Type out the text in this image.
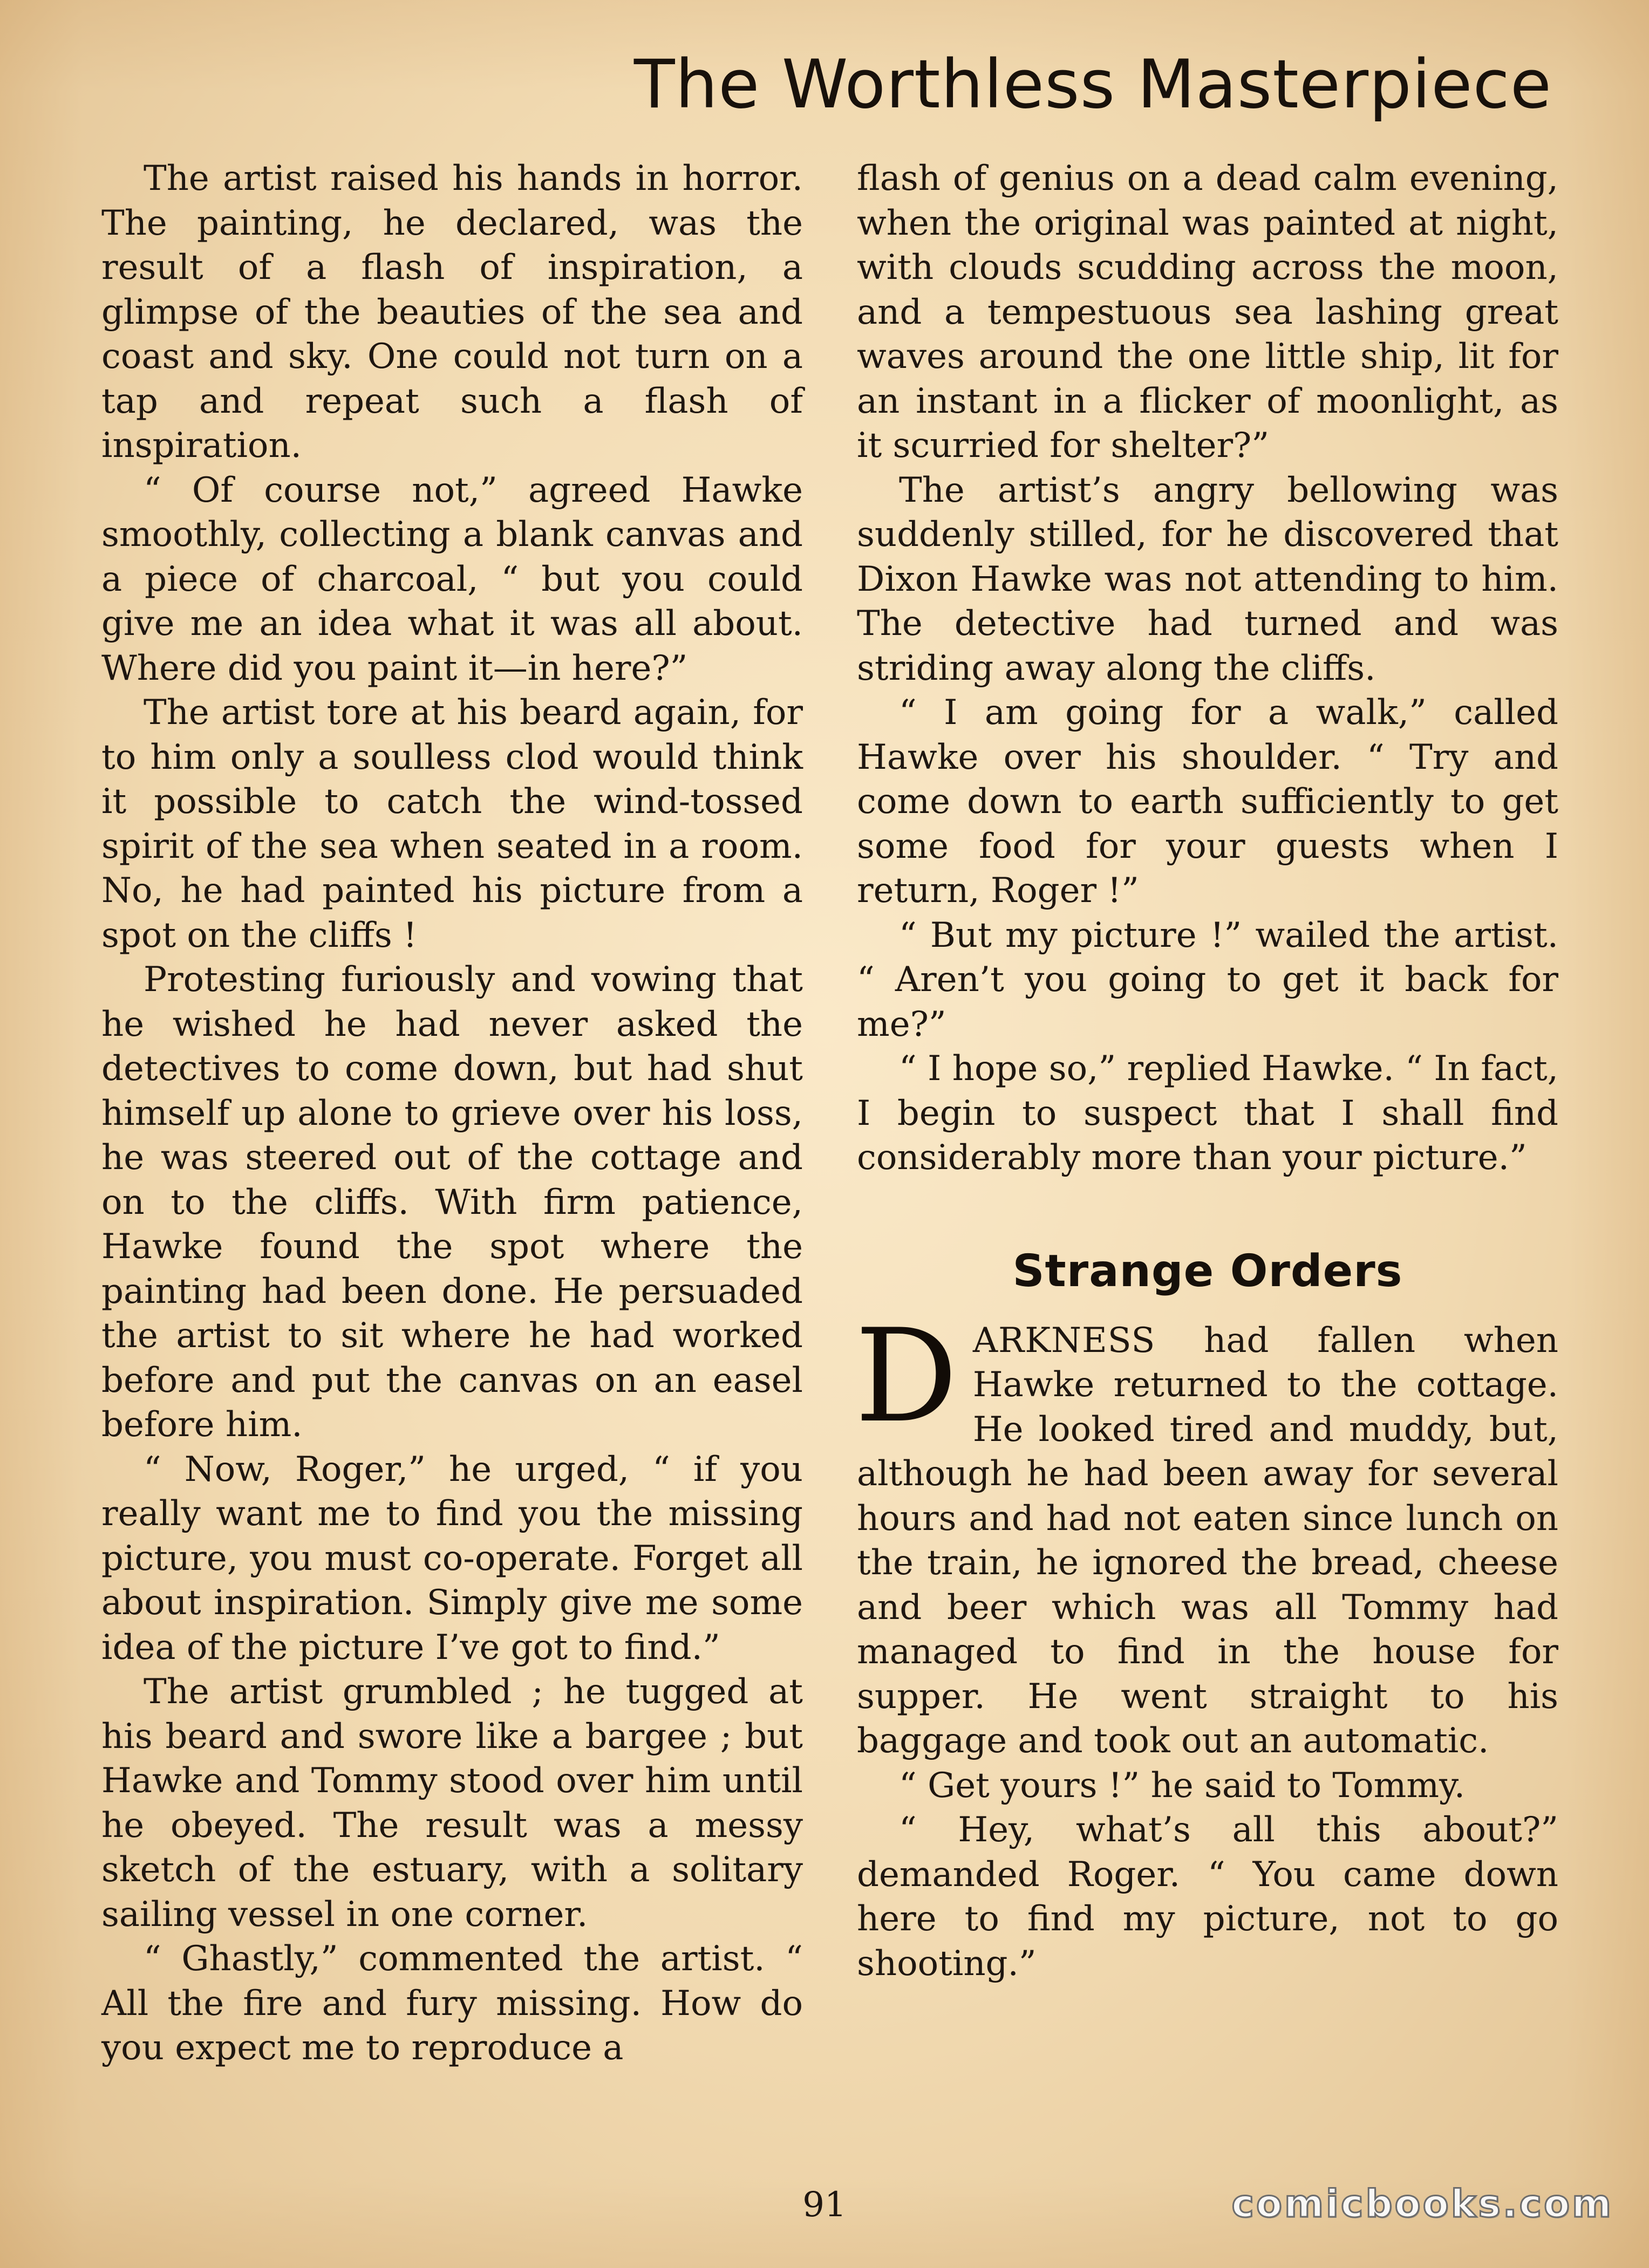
The Worthless Masterpiece

The artist raised his hands in horror. The painting, he declared, was the result of a flash of inspiration, a glimpse of the beauties of the sea and coast and sky. One could not turn on a tap and repeat such a flash of inspiration.

“ Of course not,” agreed Hawke smoothly, collecting a blank canvas and a piece of charcoal, “ but you could give me an idea what it was all about. Where did you paint it—in here?”

The artist tore at his beard again, for to him only a soulless clod would think it possible to catch the wind-tossed spirit of the sea when seated in a room. No, he had painted his picture from a spot on the cliffs !

Protesting furiously and vowing that he wished he had never asked the detectives to come down, but had shut himself up alone to grieve over his loss, he was steered out of the cottage and on to the cliffs. With firm patience, Hawke found the spot where the painting had been done. He persuaded the artist to sit where he had worked before and put the canvas on an easel before him.

“ Now, Roger,” he urged, “ if you really want me to find you the missing picture, you must co-operate. Forget all about inspiration. Simply give me some idea of the picture I’ve got to find.”

The artist grumbled ; he tugged at his beard and swore like a bargee ; but Hawke and Tommy stood over him until he obeyed. The result was a messy sketch of the estuary, with a solitary sailing vessel in one corner.

“ Ghastly,” commented the artist. “ All the fire and fury missing. How do you expect me to reproduce a

flash of genius on a dead calm evening, when the original was painted at night, with clouds scudding across the moon, and a tempestuous sea lashing great waves around the one little ship, lit for an instant in a flicker of moonlight, as it scurried for shelter?”

The artist’s angry bellowing was suddenly stilled, for he discovered that Dixon Hawke was not attending to him. The detective had turned and was striding away along the cliffs.

“ I am going for a walk,” called Hawke over his shoulder. “ Try and come down to earth sufficiently to get some food for your guests when I return, Roger !”

“ But my picture !” wailed the artist. “ Aren’t you going to get it back for me?”

“ I hope so,” replied Hawke. “ In fact, I begin to suspect that I shall find considerably more than your picture.”

Strange Orders

DARKNESS had fallen when Hawke returned to the cottage. He looked tired and muddy, but, although he had been away for several hours and had not eaten since lunch on the train, he ignored the bread, cheese and beer which was all Tommy had managed to find in the house for supper. He went straight to his baggage and took out an automatic.

“ Get yours !” he said to Tommy.

“ Hey, what’s all this about?” demanded Roger. “ You came down here to find my picture, not to go shooting.”

91	comicbooks.com
